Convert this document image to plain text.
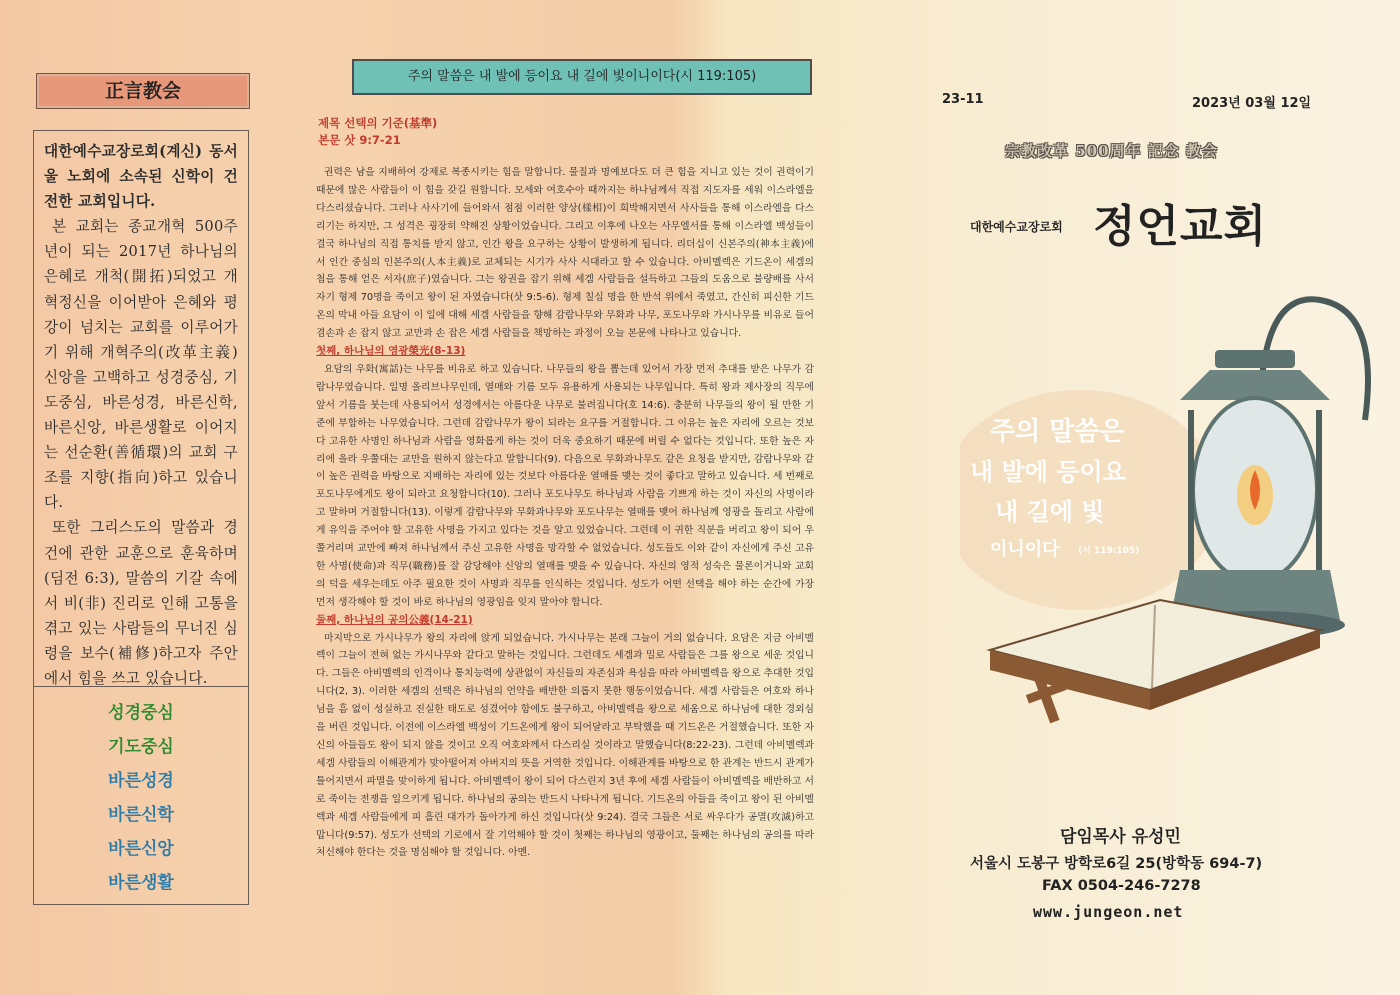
正言教会

대한예수교장로회(계신) 동서울 노회에 소속된 신학이 건전한 교회입니다.

본 교회는 종교개혁 500주년이 되는 2017년 하나님의 은혜로 개척(開拓)되었고 개혁정신을 이어받아 은혜와 평강이 넘치는 교회를 이루어가기 위해 개혁주의(改革主義) 신앙을 고백하고 성경중심, 기도중심, 바른성경, 바른신학, 바른신앙, 바른생활로 이어지는 선순환(善循環)의 교회 구조를 지향(指向)하고 있습니다.

또한 그리스도의 말씀과 경건에 관한 교훈으로 훈육하며(딤전 6:3), 말씀의 기갈 속에서 비(非) 진리로 인해 고통을 겪고 있는 사람들의 무너진 심령을 보수(補修)하고자 주안에서 힘을 쓰고 있습니다.

성경중심
기도중심
바른성경
바른신학
바른신앙
바른생활
주의 말씀은 내 발에 등이요 내 길에 빛이니이다(시 119:105)
제목 선택의 기준(基準)
본문 삿 9:7-21

권력은 남을 지배하여 강제로 복종시키는 힘을 말합니다. 물질과 명예보다도 더 큰 힘을 지니고 있는 것이 권력이기 때문에 많은 사람들이 이 힘을 갖길 원합니다. 모세와 여호수아 때까지는 하나님께서 직접 지도자를 세워 이스라엘을 다스리셨습니다. 그러나 사사기에 들어와서 점점 이러한 양상(樣相)이 희박해지면서 사사들을 통해 이스라엘을 다스리기는 하지만, 그 성격은 굉장히 약해진 상황이었습니다. 그리고 이후에 나오는 사무엘서를 통해 이스라엘 백성들이 결국 하나님의 직접 통치를 받지 않고, 인간 왕을 요구하는 상황이 발생하게 됩니다. 리더십이 신본주의(神本主義)에서 인간 중심의 인본주의(人本主義)로 교체되는 시기가 사사 시대라고 할 수 있습니다. 아비멜렉은 기드온이 세겜의 첩을 통해 얻은 서자(庶子)였습니다. 그는 왕권을 잡기 위해 세겜 사람들을 설득하고 그들의 도움으로 불량배를 사서 자기 형제 70명을 죽이고 왕이 된 자였습니다(삿 9:5-6). 형제 칠십 명을 한 반석 위에서 죽였고, 간신히 피신한 기드온의 막내 아들 요담이 이 일에 대해 세겜 사람들을 향해 감람나무와 무화과 나무, 포도나무와 가시나무를 비유로 들어 겸손과 손 잡지 않고 교만과 손 잡은 세겜 사람들을 책망하는 과정이 오늘 본문에 나타나고 있습니다.

첫째, 하나님의 영광榮光(8-13)

요담의 우화(寓話)는 나무를 비유로 하고 있습니다. 나무들의 왕을 뽑는데 있어서 가장 먼저 추대를 받은 나무가 감람나무였습니다. 일명 올리브나무인데, 열매와 기름 모두 유용하게 사용되는 나무입니다. 특히 왕과 제사장의 직무에 앞서 기름을 붓는데 사용되어서 성경에서는 아름다운 나무로 불려집니다(호 14:6). 충분히 나무들의 왕이 될 만한 기준에 부합하는 나무였습니다. 그런데 감람나무가 왕이 되라는 요구를 거절합니다. 그 이유는 높은 자리에 오르는 것보다 고유한 사명인 하나님과 사람을 영화롭게 하는 것이 더욱 중요하기 때문에 버릴 수 없다는 것입니다. 또한 높은 자리에 올라 우쭐대는 교만을 원하지 않는다고 말합니다(9). 다음으로 무화과나무도 같은 요청을 받지만, 감람나무와 같이 높은 권력을 바탕으로 지배하는 자리에 있는 것보다 아름다운 열매를 맺는 것이 좋다고 말하고 있습니다. 세 번째로 포도나무에게도 왕이 되라고 요청합니다(10). 그러나 포도나무도 하나님과 사람을 기쁘게 하는 것이 자신의 사명이라고 말하며 거절합니다(13). 이렇게 감람나무와 무화과나무와 포도나무는 열매를 맺어 하나님께 영광을 돌리고 사람에게 유익을 주어야 할 고유한 사명을 가지고 있다는 것을 알고 있었습니다. 그런데 이 귀한 직분을 버리고 왕이 되어 우쭐거리며 교만에 빠져 하나님께서 주신 고유한 사명을 망각할 수 없었습니다. 성도들도 이와 같이 자신에게 주신 고유한 사명(使命)과 직무(職務)를 잘 감당해야 신앙의 열매를 맺을 수 있습니다. 자신의 영적 성숙은 물론이거니와 교회의 덕을 세우는데도 아주 필요한 것이 사명과 직무를 인식하는 것입니다. 성도가 어떤 선택을 해야 하는 순간에 가장 먼저 생각해야 할 것이 바로 하나님의 영광임을 잊지 말아야 합니다.

둘째, 하나님의 공의公義(14-21)

마지막으로 가시나무가 왕의 자리에 앉게 되었습니다. 가시나무는 본래 그늘이 거의 없습니다. 요담은 지금 아비멜렉이 그늘이 전혀 없는 가시나무와 같다고 말하는 것입니다. 그런데도 세겜과 밀로 사람들은 그를 왕으로 세운 것입니다. 그들은 아비멜렉의 인격이나 통치능력에 상관없이 자신들의 자존심과 욕심을 따라 아비멜렉을 왕으로 추대한 것입니다(2, 3). 이러한 세겜의 선택은 하나님의 언약을 배반한 의롭지 못한 행동이었습니다. 세겜 사람들은 여호와 하나님을 흠 없이 성실하고 진실한 태도로 섬겼어야 함에도 불구하고, 아비멜렉을 왕으로 세움으로 하나님에 대한 경외심을 버린 것입니다. 이전에 이스라엘 백성이 기드온에게 왕이 되어달라고 부탁했을 때 기드온은 거절했습니다. 또한 자신의 아들들도 왕이 되지 않을 것이고 오직 여호와께서 다스리실 것이라고 말했습니다(8:22-23). 그런데 아비멜렉과 세겜 사람들의 이해관계가 맞아떨어져 아버지의 뜻을 거역한 것입니다. 이해관계를 바탕으로 한 관계는 반드시 관계가 틀어지면서 파멸을 맞이하게 됩니다. 아비멜렉이 왕이 되어 다스린지 3년 후에 세겜 사람들이 아비멜렉을 배반하고 서로 죽이는 전쟁을 일으키게 됩니다. 하나님의 공의는 반드시 나타나게 됩니다. 기드온의 아들을 죽이고 왕이 된 아비멜렉과 세겜 사람들에게 피 흘린 대가가 돌아가게 하신 것입니다(삿 9:24). 결국 그들은 서로 싸우다가 공멸(攻滅)하고 맙니다(9:57). 성도가 선택의 기로에서 잘 기억해야 할 것이 첫째는 하나님의 영광이고, 둘째는 하나님의 공의를 따라 처신해야 한다는 것을 명심해야 할 것입니다. 아멘.

23-11	2023년 03월 12일
宗教改革 500周年 記念 教会
대한예수교장로회 정언교회
주의 말씀은
내 발에 등이요
내 길에 빛
이니이다 (시 119:105)
담임목사 유성민
서울시 도봉구 방학로6길 25(방학동 694-7)
FAX 0504-246-7278
www.jungeon.net
